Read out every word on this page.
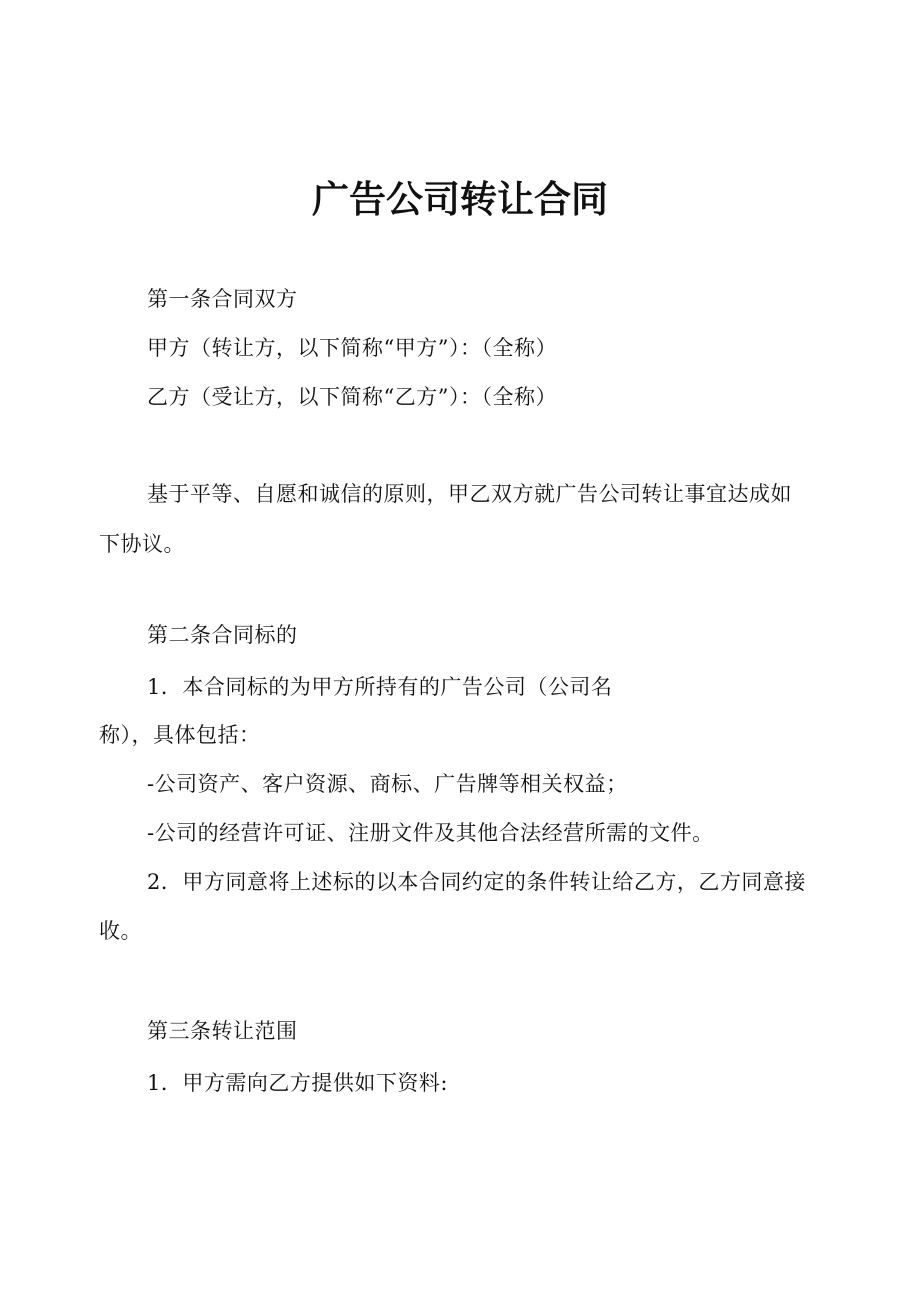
广告公司转让合同
第一条合同双方
甲方（转让方，以下简称“甲方”）：（全称）
乙方（受让方，以下简称“乙方”）：（全称）
基于平等、自愿和诚信的原则，甲乙双方就广告公司转让事宜达成如
下协议。
第二条合同标的
1．本合同标的为甲方所持有的广告公司（公司名
称），具体包括：
-公司资产、客户资源、商标、广告牌等相关权益；
-公司的经营许可证、注册文件及其他合法经营所需的文件。
2．甲方同意将上述标的以本合同约定的条件转让给乙方，乙方同意接
收。
第三条转让范围
1．甲方需向乙方提供如下资料:
